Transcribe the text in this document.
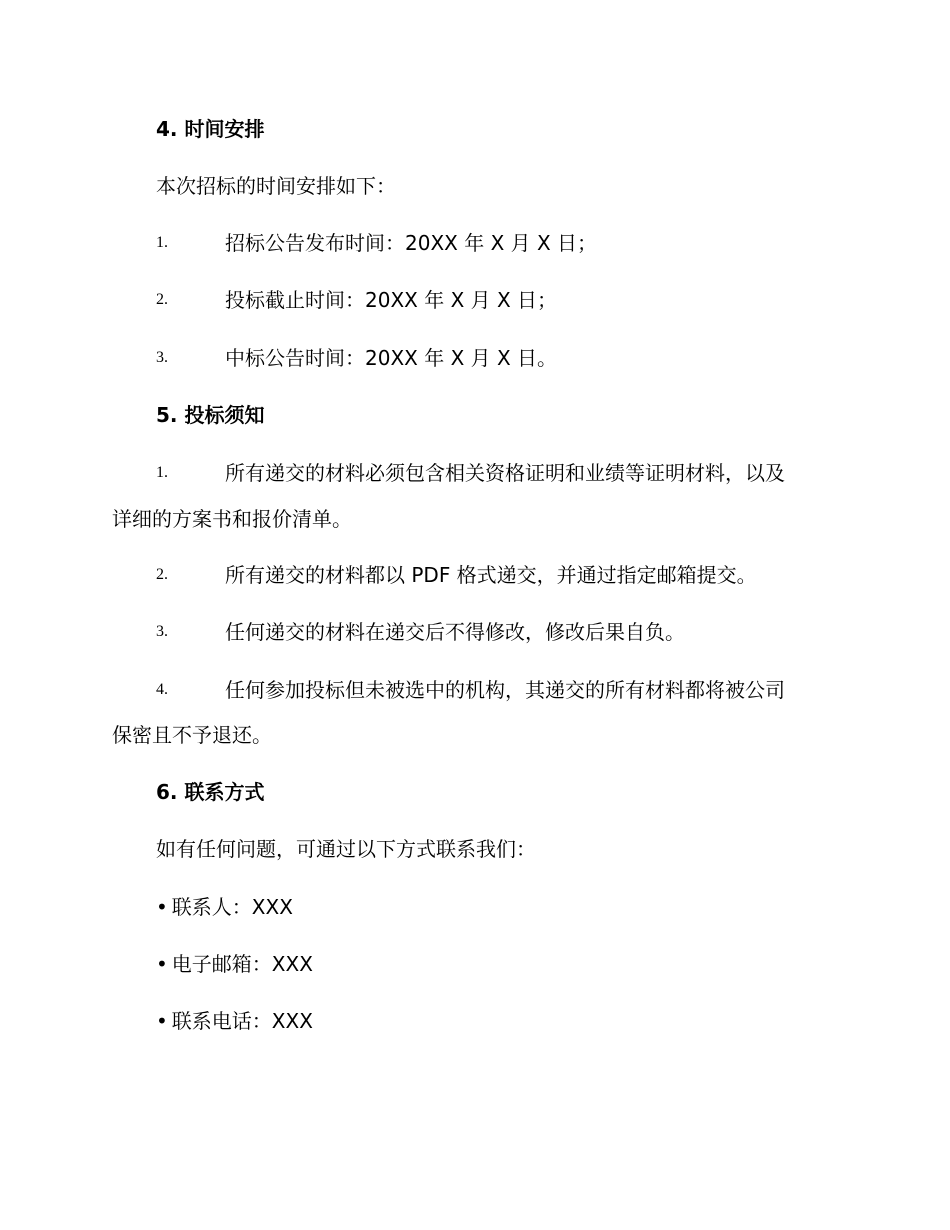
4. 时间安排
本次招标的时间安排如下：
1.	招标公告发布时间：20XX 年 X 月 X 日；
2.	投标截止时间：20XX 年 X 月 X 日；
3.	中标公告时间：20XX 年 X 月 X 日。
5. 投标须知
1.	所有递交的材料必须包含相关资格证明和业绩等证明材料，以及
详细的方案书和报价清单。
2.	所有递交的材料都以 PDF 格式递交，并通过指定邮箱提交。
3.	任何递交的材料在递交后不得修改，修改后果自负。
4.	任何参加投标但未被选中的机构，其递交的所有材料都将被公司
保密且不予退还。
6. 联系方式
如有任何问题，可通过以下方式联系我们：
• 联系人：XXX
• 电子邮箱：XXX
• 联系电话：XXX
